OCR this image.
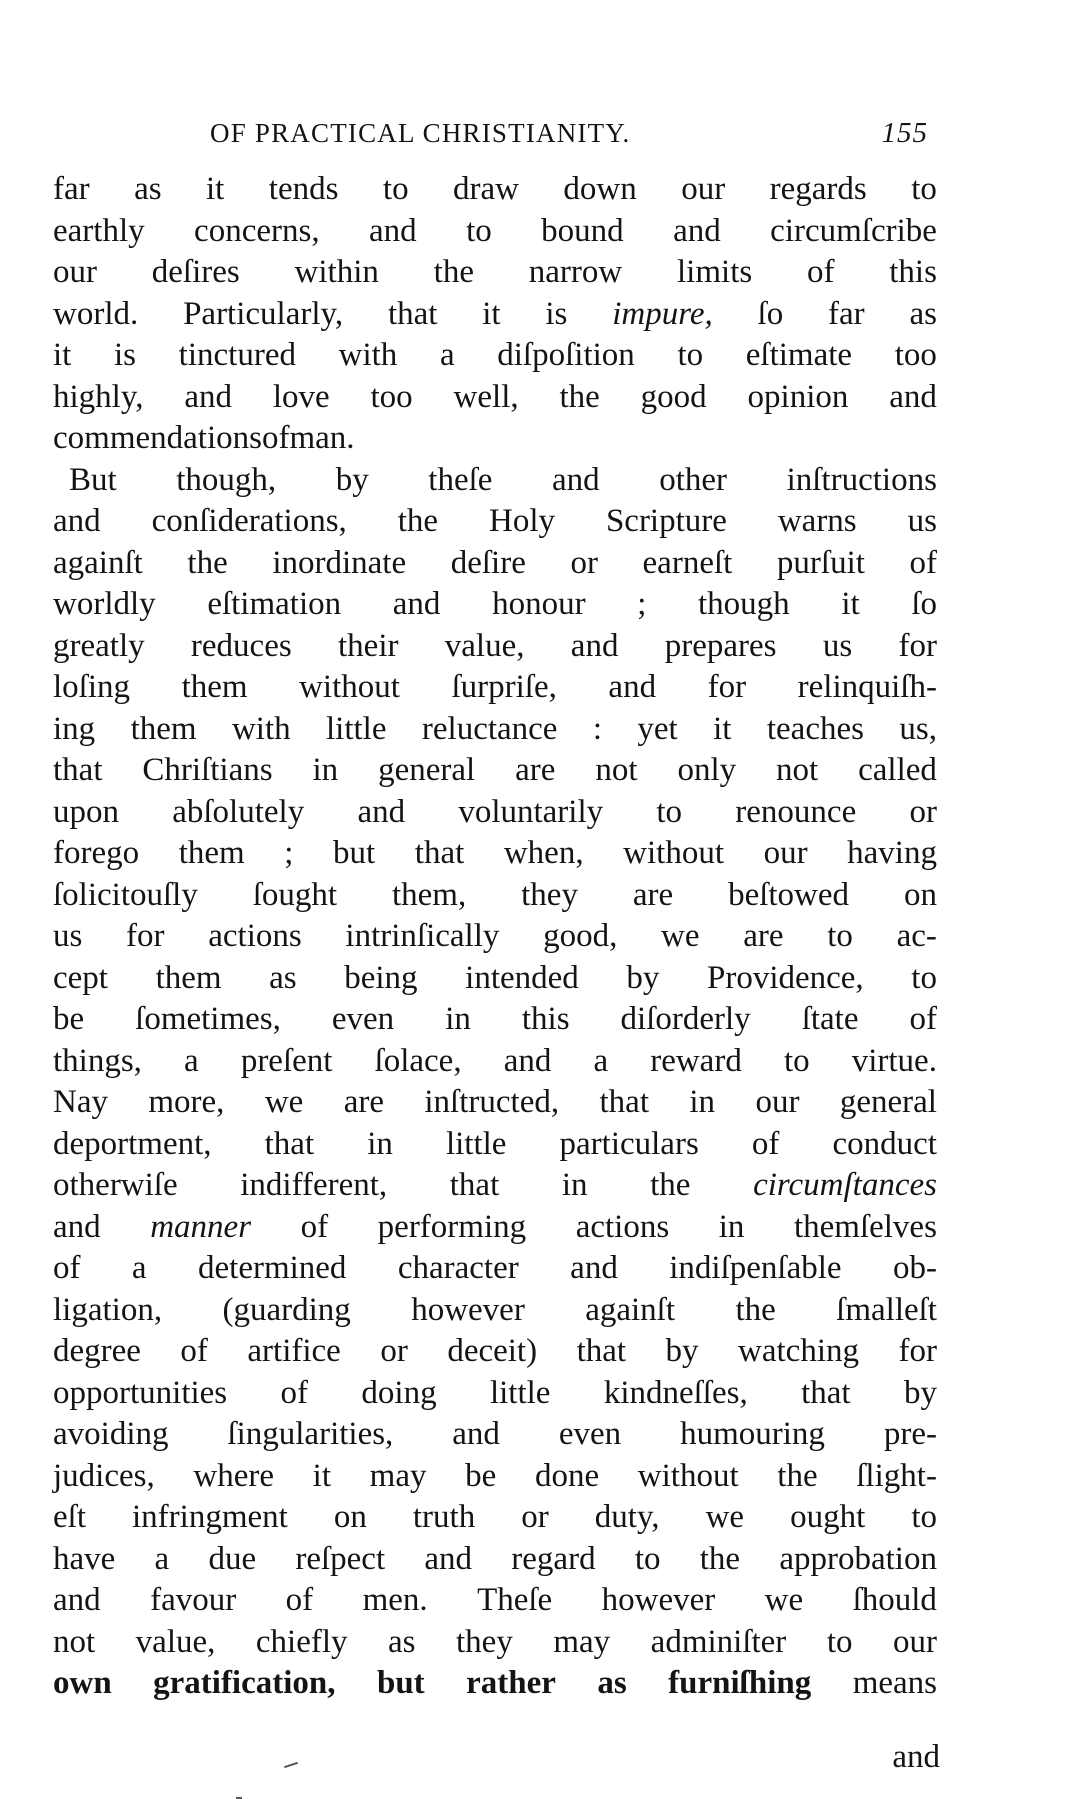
OF PRACTICAL CHRISTIANITY.	155
far as it tends to draw down our regards to
earthly concerns, and to bound and circumſcribe
our deſires within the narrow limits of this
world. Particularly, that it is impure, ſo far as
it is tinctured with a diſpoſition to eſtimate too
highly, and love too well, the good opinion and
commendations of man.
But though, by theſe and other inſtructions
and conſiderations, the Holy Scripture warns us
againſt the inordinate deſire or earneſt purſuit of
worldly eſtimation and honour ; though it ſo
greatly reduces their value, and prepares us for
loſing them without ſurpriſe, and for relinquiſh-
ing them with little reluctance : yet it teaches us,
that Chriſtians in general are not only not called
upon abſolutely and voluntarily to renounce or
forego them ; but that when, without our having
ſolicitouſly ſought them, they are beſtowed on
us for actions intrinſically good, we are to ac-
cept them as being intended by Providence, to
be ſometimes, even in this diſorderly ſtate of
things, a preſent ſolace, and a reward to virtue.
Nay more, we are inſtructed, that in our general
deportment, that in little particulars of conduct
otherwiſe indifferent, that in the circumſtances
and manner of performing actions in themſelves
of a determined character and indiſpenſable ob-
ligation, (guarding however againſt the ſmalleſt
degree of artifice or deceit) that by watching for
opportunities of doing little kindneſſes, that by
avoiding ſingularities, and even humouring pre-
judices, where it may be done without the ſlight-
eſt infringment on truth or duty, we ought to
have a due reſpect and regard to the approbation
and favour of men. Theſe however we ſhould
not value, chiefly as they may adminiſter to our
own gratification, but rather as furniſhing means
and
